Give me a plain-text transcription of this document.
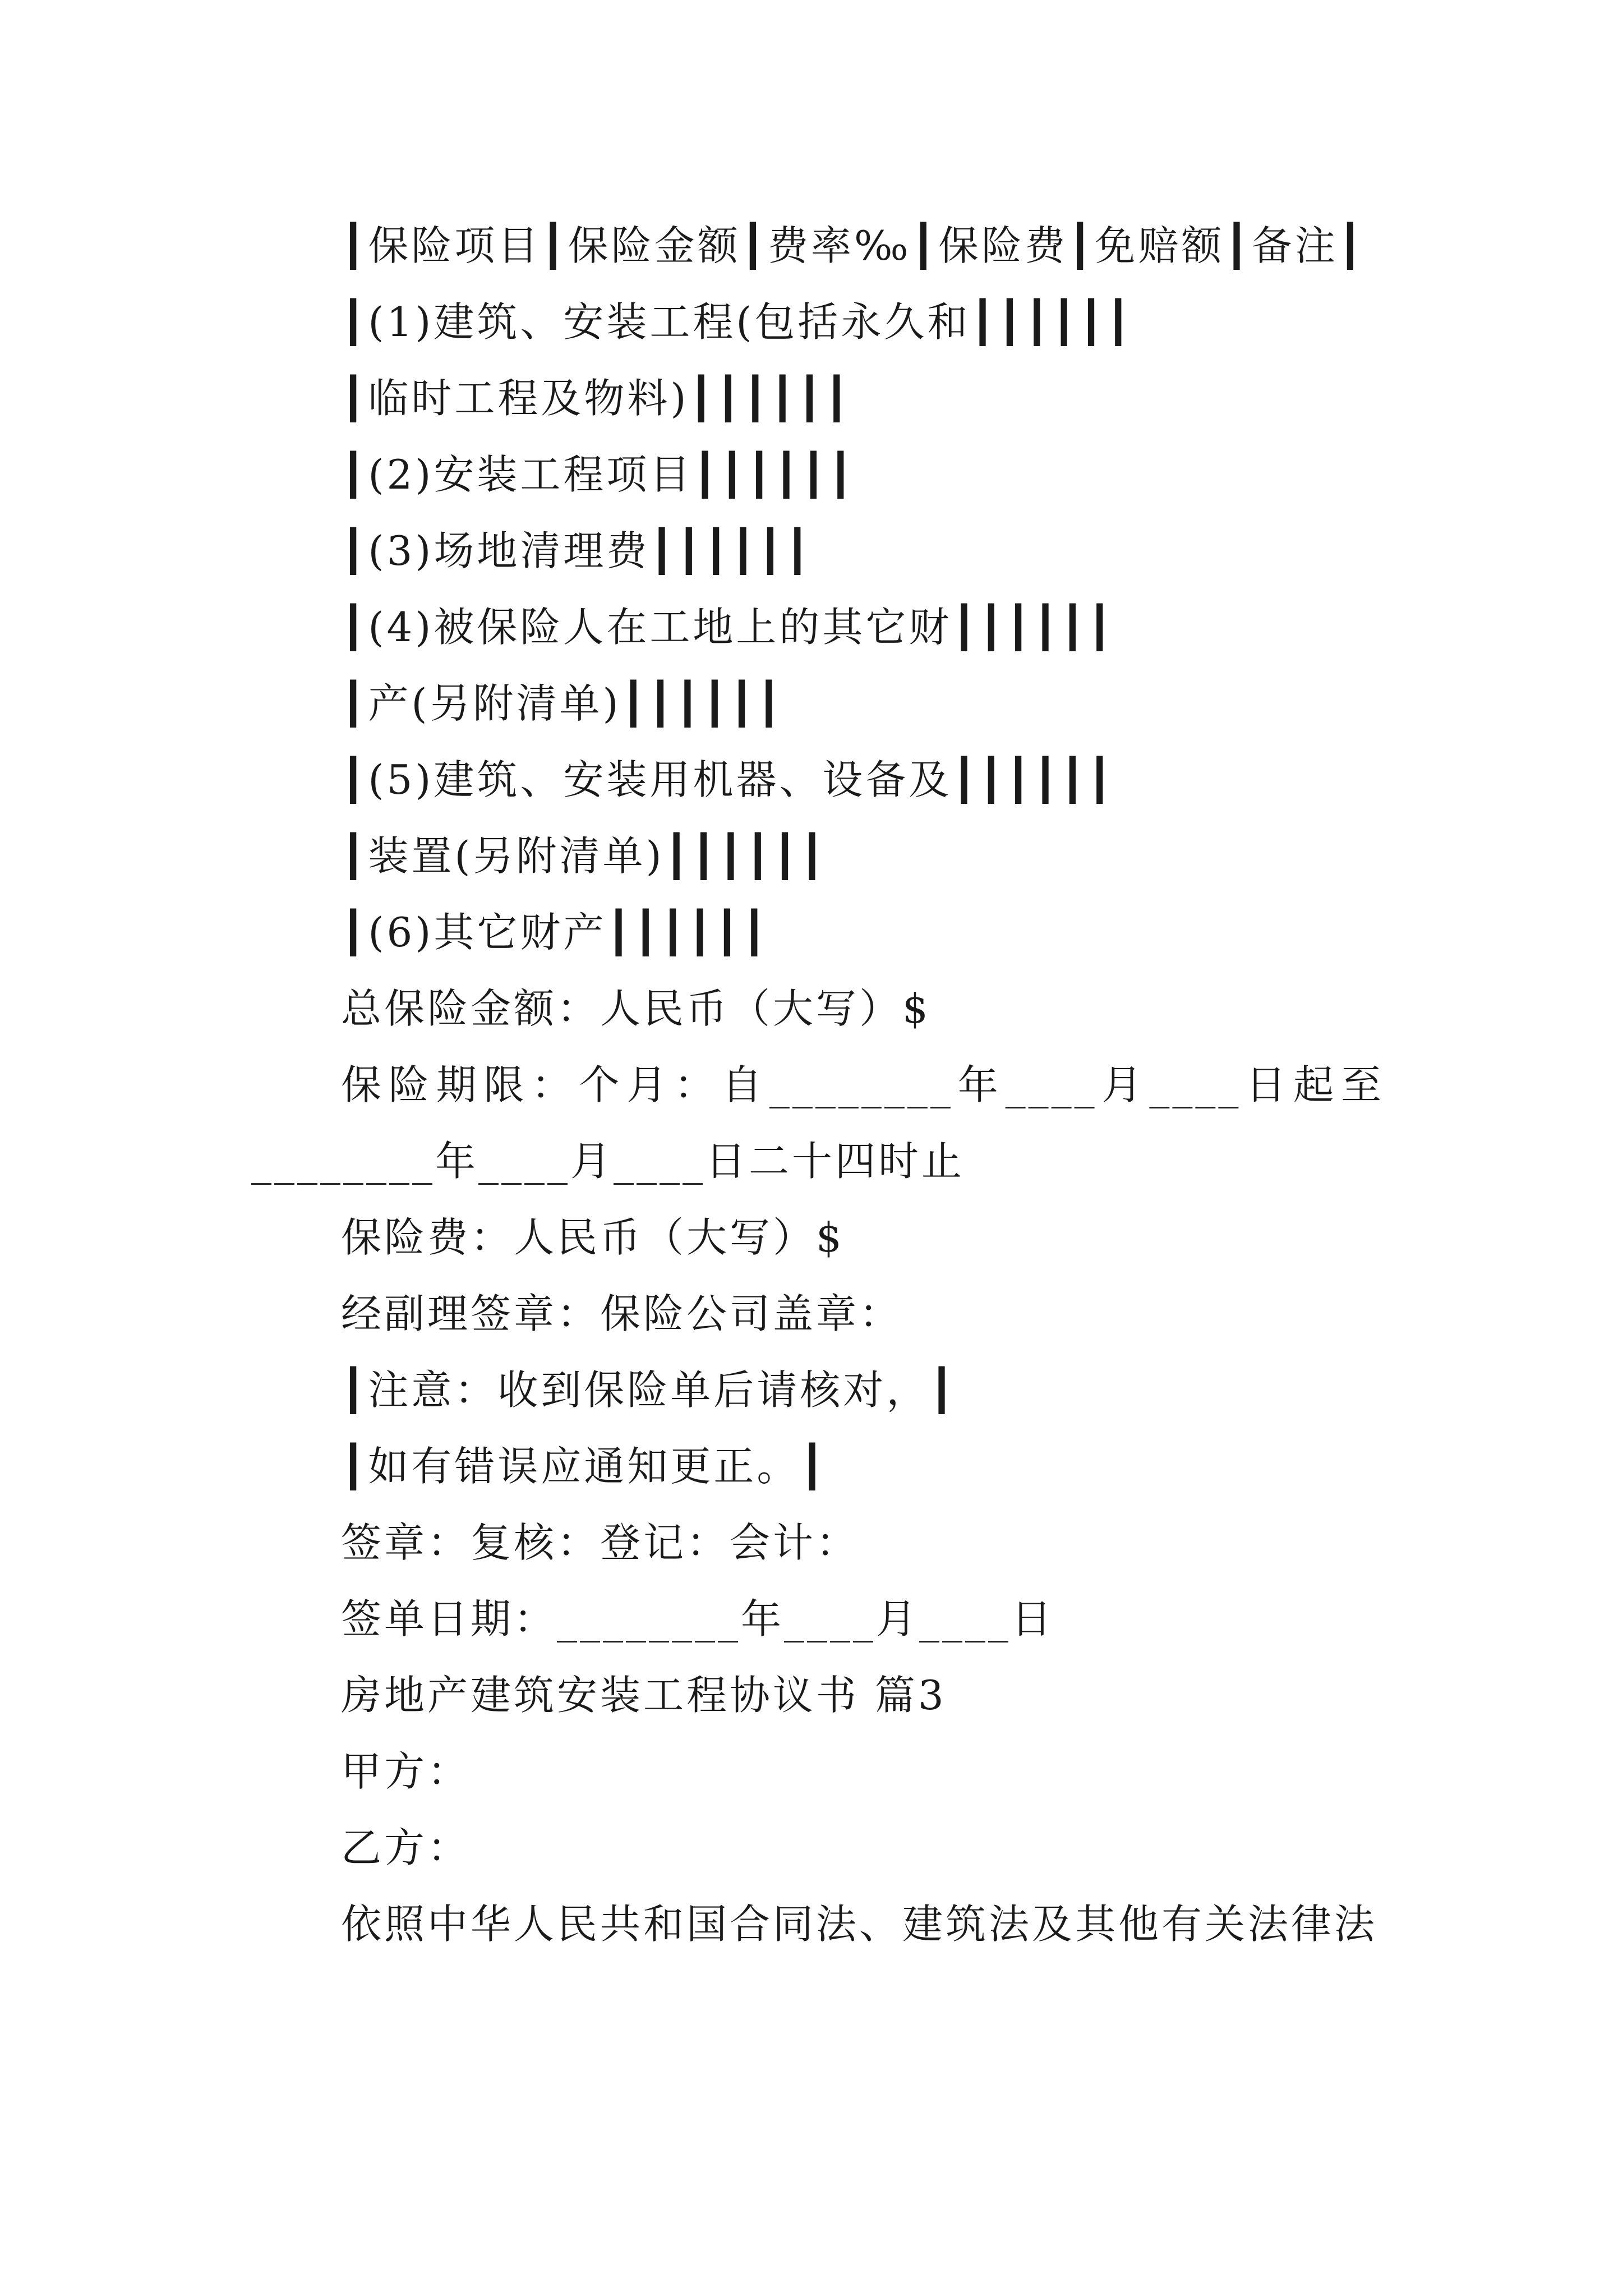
┃保险项目┃保险金额┃费率‰┃保险费┃免赔额┃备注┃

┃(1)建筑、安装工程(包括永久和┃┃┃┃┃┃

┃临时工程及物料)┃┃┃┃┃┃

┃(2)安装工程项目┃┃┃┃┃┃

┃(3)场地清理费┃┃┃┃┃┃

┃(4)被保险人在工地上的其它财┃┃┃┃┃┃

┃产(另附清单)┃┃┃┃┃┃

┃(5)建筑、安装用机器、设备及┃┃┃┃┃┃

┃装置(另附清单)┃┃┃┃┃┃

┃(6)其它财产┃┃┃┃┃┃

总保险金额：人民币（大写）$

保险期限：个月：自________年____月____日起至________年____月____日二十四时止

保险费：人民币（大写）$

经副理签章：保险公司盖章：

┃注意：收到保险单后请核对，┃

┃如有错误应通知更正。┃

签章：复核：登记：会计：

签单日期：________年____月____日

房地产建筑安装工程协议书 篇3

甲方：

乙方：

依照中华人民共和国合同法、建筑法及其他有关法律法
